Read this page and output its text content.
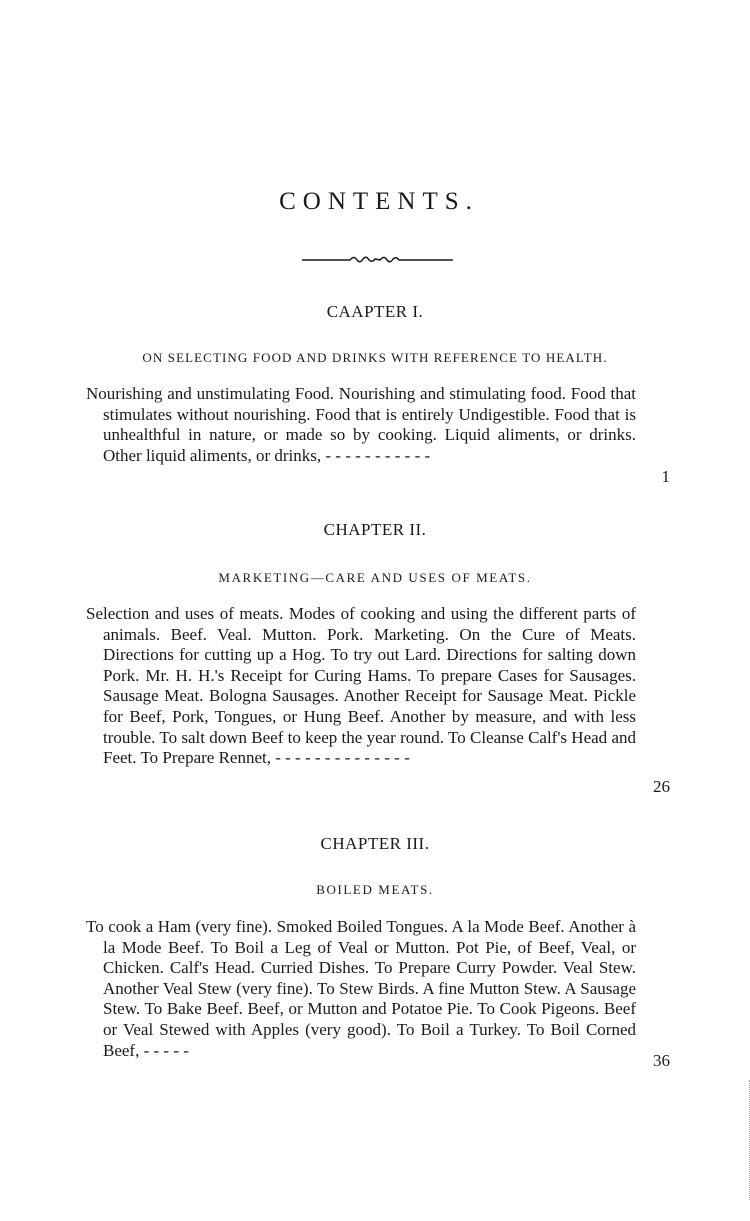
CONTENTS.
CAAPTER I.
ON SELECTING FOOD AND DRINKS WITH REFERENCE TO HEALTH.
Nourishing and unstimulating Food. Nourishing and stimulating food. Food that stimulates without nourishing. Food that is entirely Undigestible. Food that is unhealthful in nature, or made so by cooking. Liquid aliments, or drinks. Other liquid aliments, or drinks, - - - - - - - - - - -
1
CHAPTER II.
MARKETING—CARE AND USES OF MEATS.
Selection and uses of meats. Modes of cooking and using the different parts of animals. Beef. Veal. Mutton. Pork. Marketing. On the Cure of Meats. Directions for cutting up a Hog. To try out Lard. Directions for salting down Pork. Mr. H. H.'s Receipt for Curing Hams. To prepare Cases for Sausages. Sausage Meat. Bologna Sausages. Another Receipt for Sausage Meat. Pickle for Beef, Pork, Tongues, or Hung Beef. Another by measure, and with less trouble. To salt down Beef to keep the year round. To Cleanse Calf's Head and Feet. To Prepare Rennet, - - - - - - - - - - - - - -
26
CHAPTER III.
BOILED MEATS.
To cook a Ham (very fine). Smoked Boiled Tongues. A la Mode Beef. Another à la Mode Beef. To Boil a Leg of Veal or Mutton. Pot Pie, of Beef, Veal, or Chicken. Calf's Head. Curried Dishes. To Prepare Curry Powder. Veal Stew. Another Veal Stew (very fine). To Stew Birds. A fine Mutton Stew. A Sausage Stew. To Bake Beef. Beef, or Mutton and Potatoe Pie. To Cook Pigeons. Beef or Veal Stewed with Apples (very good). To Boil a Turkey. To Boil Corned Beef, - - - - -
36
